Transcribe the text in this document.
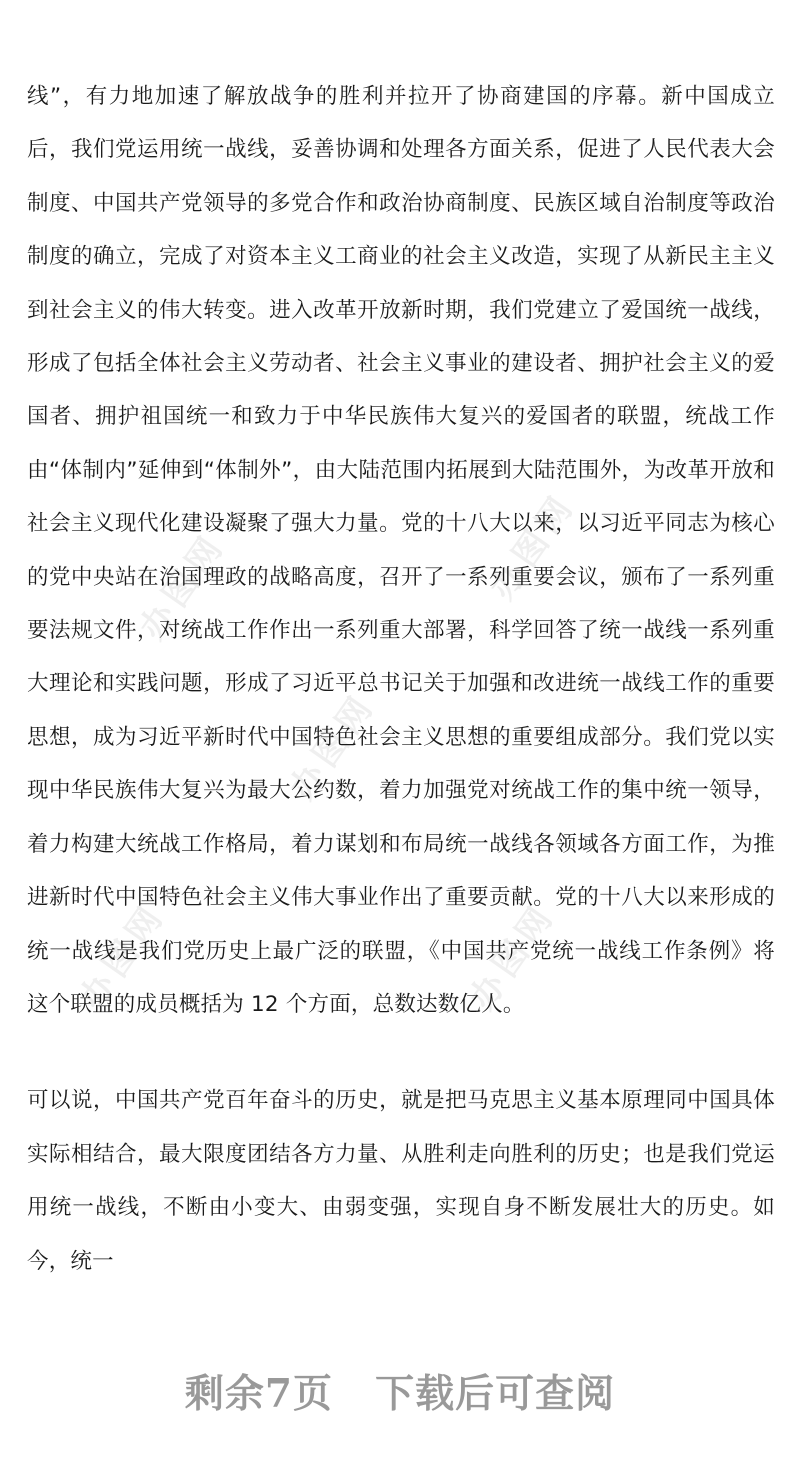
办图网	办图网
办图网
办图网	办图网

线”，有力地加速了解放战争的胜利并拉开了协商建国的序幕。新中国成立后，我们党运用统一战线，妥善协调和处理各方面关系，促进了人民代表大会制度、中国共产党领导的多党合作和政治协商制度、民族区域自治制度等政治制度的确立，完成了对资本主义工商业的社会主义改造，实现了从新民主主义到社会主义的伟大转变。进入改革开放新时期，我们党建立了爱国统一战线，形成了包括全体社会主义劳动者、社会主义事业的建设者、拥护社会主义的爱国者、拥护祖国统一和致力于中华民族伟大复兴的爱国者的联盟，统战工作由“体制内”延伸到“体制外”，由大陆范围内拓展到大陆范围外，为改革开放和社会主义现代化建设凝聚了强大力量。党的十八大以来，以习近平同志为核心的党中央站在治国理政的战略高度，召开了一系列重要会议，颁布了一系列重要法规文件，对统战工作作出一系列重大部署，科学回答了统一战线一系列重大理论和实践问题，形成了习近平总书记关于加强和改进统一战线工作的重要思想，成为习近平新时代中国特色社会主义思想的重要组成部分。我们党以实现中华民族伟大复兴为最大公约数，着力加强党对统战工作的集中统一领导，着力构建大统战工作格局，着力谋划和布局统一战线各领域各方面工作，为推进新时代中国特色社会主义伟大事业作出了重要贡献。党的十八大以来形成的统一战线是我们党历史上最广泛的联盟，《中国共产党统一战线工作条例》将这个联盟的成员概括为 12 个方面，总数达数亿人。

可以说，中国共产党百年奋斗的历史，就是把马克思主义基本原理同中国具体实际相结合，最大限度团结各方力量、从胜利走向胜利的历史；也是我们党运用统一战线，不断由小变大、由弱变强，实现自身不断发展壮大的历史。如今，统一

剩余7页 下载后可查阅
